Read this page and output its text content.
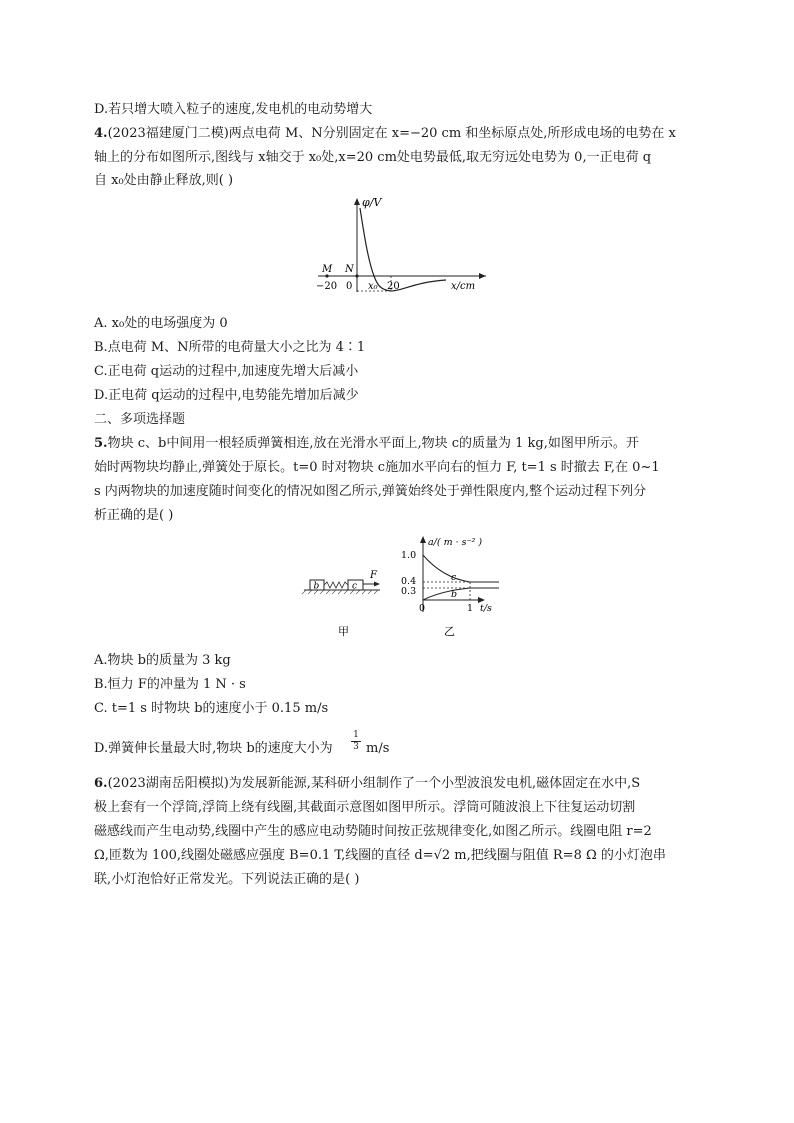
D.若只增大喷入粒子的速度,发电机的电动势增大
4.(2023福建厦门二模)两点电荷 M、N分别固定在 x=−20 cm 和坐标原点处,所形成电场的电势在 x
轴上的分布如图所示,图线与 x轴交于 x₀处,x=20 cm处电势最低,取无穷远处电势为 0,一正电荷 q
自 x₀处由静止释放,则( )
φ/V
M N
−20 0 x₀ 20	x/cm
A. x₀处的电场强度为 0
B.点电荷 M、N所带的电荷量大小之比为 4∶1
C.正电荷 q运动的过程中,加速度先增大后减小
D.正电荷 q运动的过程中,电势能先增加后减少
二、多项选择题
5.物块 c、b中间用一根轻质弹簧相连,放在光滑水平面上,物块 c的质量为 1 kg,如图甲所示。开
始时两物块均静止,弹簧处于原长。t=0 时对物块 c施加水平向右的恒力 F, t=1 s 时撤去 F,在 0~1
s 内两物块的加速度随时间变化的情况如图乙所示,弹簧始终处于弹性限度内,整个运动过程下列分
析正确的是( )
b	c
F
甲
a/( m · s⁻² )
1.0
0.4
0.3
0	1 t/s
c
b
乙
A.物块 b的质量为 3 kg
B.恒力 F的冲量为 1 N · s
C. t=1 s 时物块 b的速度小于 0.15 m/s
D.弹簧伸长量最大时,物块 b的速度大小为
1
3 m/s
6.(2023湖南岳阳模拟)为发展新能源,某科研小组制作了一个小型波浪发电机,磁体固定在水中,S
极上套有一个浮筒,浮筒上绕有线圈,其截面示意图如图甲所示。浮筒可随波浪上下往复运动切割
磁感线而产生电动势,线圈中产生的感应电动势随时间按正弦规律变化,如图乙所示。线圈电阻 r=2
Ω,匝数为 100,线圈处磁感应强度 B=0.1 T,线圈的直径 d=√2 m,把线圈与阻值 R=8 Ω 的小灯泡串
联,小灯泡恰好正常发光。下列说法正确的是( )
